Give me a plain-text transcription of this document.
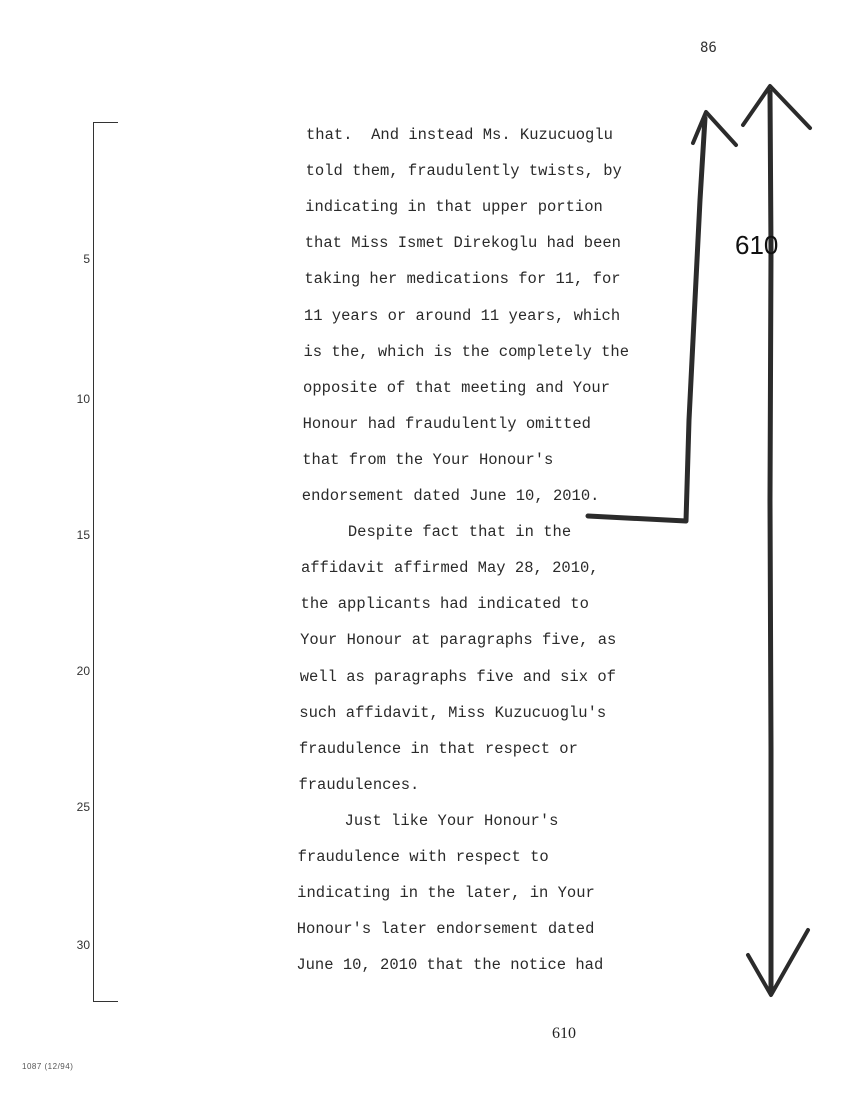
86
5
10
15
20
25
30
that.  And instead Ms. Kuzucuoglu
told them, fraudulently twists, by
indicating in that upper portion
that Miss Ismet Direkoglu had been
taking her medications for 11, for
11 years or around 11 years, which
is the, which is the completely the
opposite of that meeting and Your
Honour had fraudulently omitted
that from the Your Honour's
endorsement dated June 10, 2010.
Despite fact that in the
affidavit affirmed May 28, 2010,
the applicants had indicated to
Your Honour at paragraphs five, as
well as paragraphs five and six of
such affidavit, Miss Kuzucuoglu's
fraudulence in that respect or
fraudulences.
Just like Your Honour's
fraudulence with respect to
indicating in the later, in Your
Honour's later endorsement dated
June 10, 2010 that the notice had
610
610
1087 (12/94)
